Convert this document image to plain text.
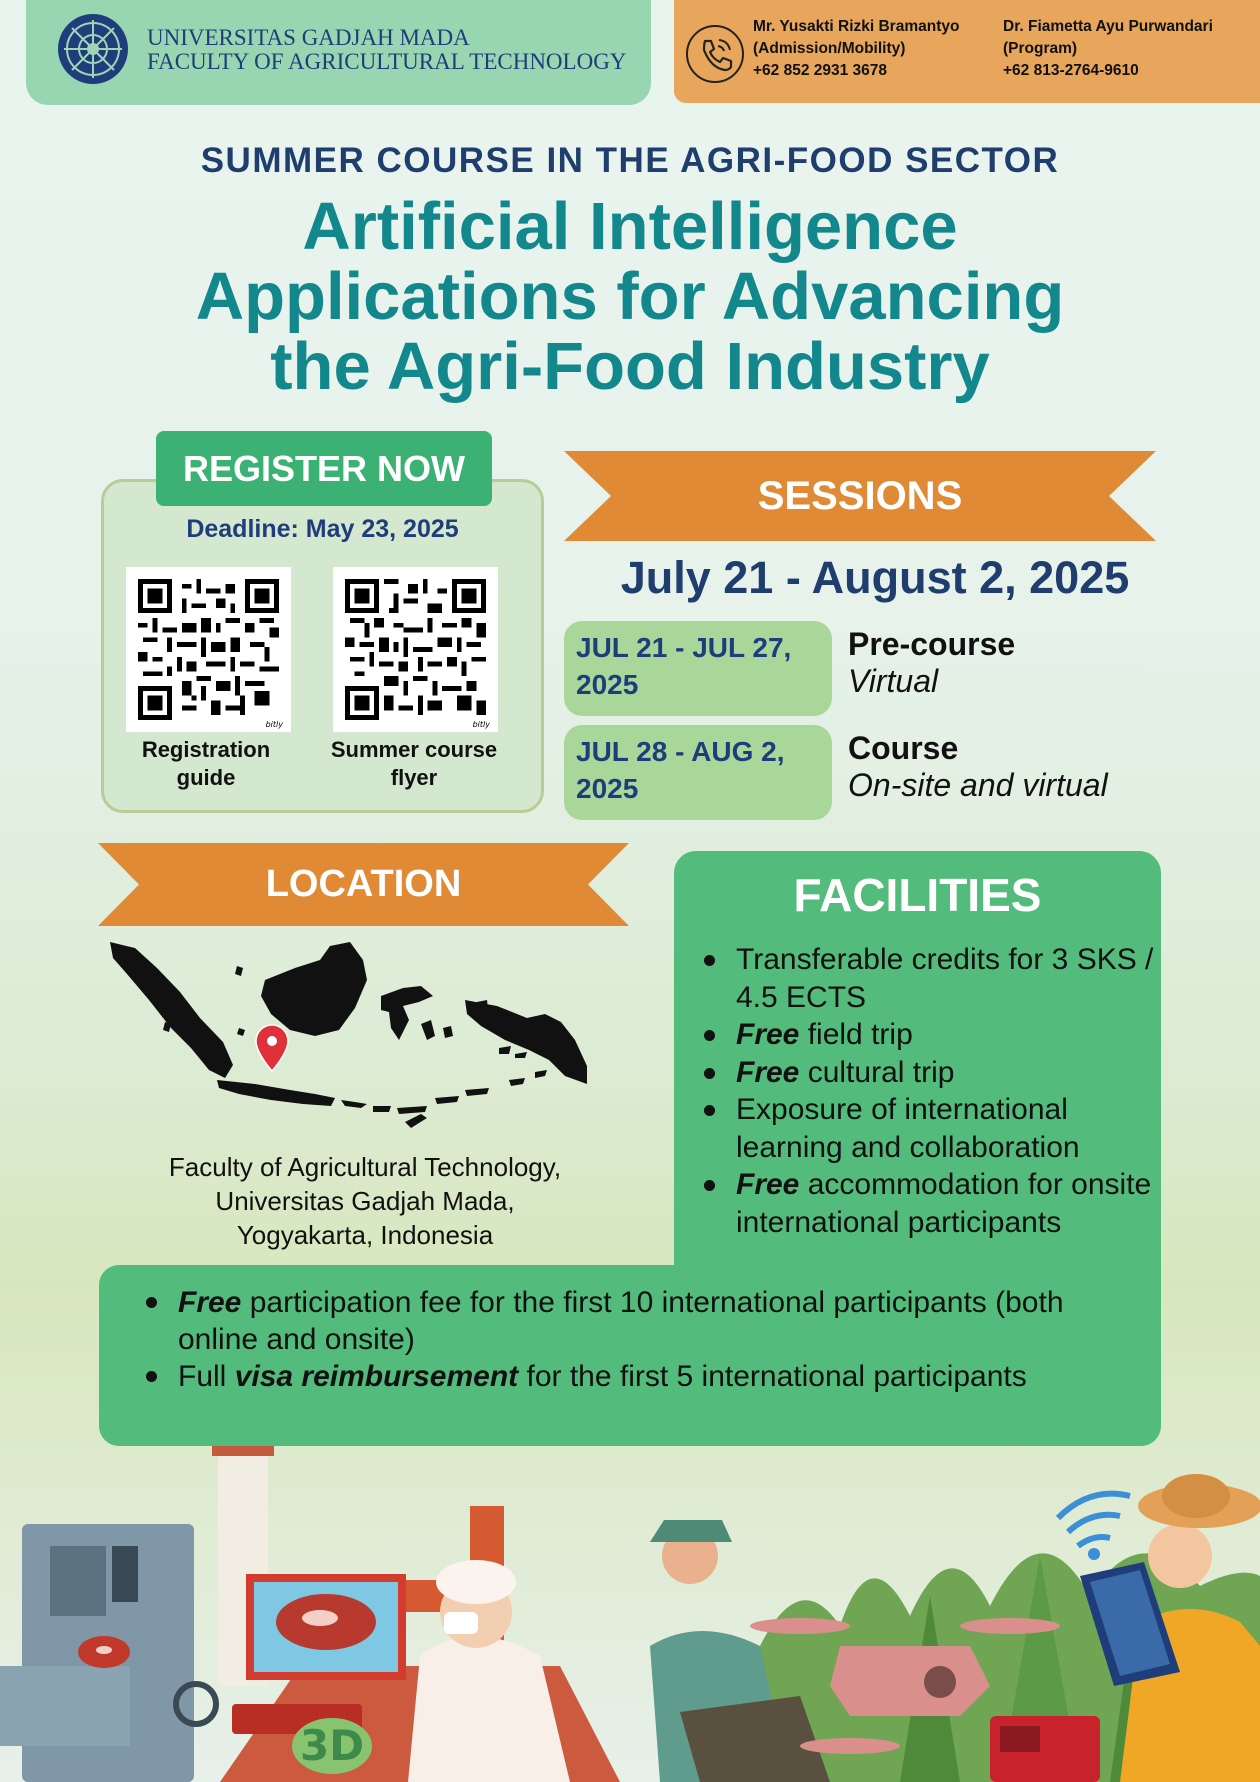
UNIVERSITAS GADJAH MADA
FACULTY OF AGRICULTURAL TECHNOLOGY
Mr. Yusakti Rizki Bramantyo
(Admission/Mobility)
+62 852 2931 3678
Dr. Fiametta Ayu Purwandari
(Program)
+62 813-2764-9610
SUMMER COURSE IN THE AGRI-FOOD SECTOR
Artificial Intelligence
Applications for Advancing
the Agri-Food Industry
REGISTER NOW
Deadline: May 23, 2025
bitly	bitly
Registration
guide
Summer course
flyer
SESSIONS
July 21 - August 2, 2025
JUL 21 - JUL 27,
2025
Pre-course
Virtual
JUL 28 - AUG 2,
2025
Course
On-site and virtual
LOCATION
Faculty of Agricultural Technology,
Universitas Gadjah Mada,
Yogyakarta, Indonesia
FACILITIES
Transferable credits for 3 SKS / 4.5 ECTS
Free field trip
Free cultural trip
Exposure of international learning and collaboration
Free accommodation for onsite international participants
Free participation fee for the first 10 international participants (both online and onsite)
Full visa reimbursement for the first 5 international participants
3D
